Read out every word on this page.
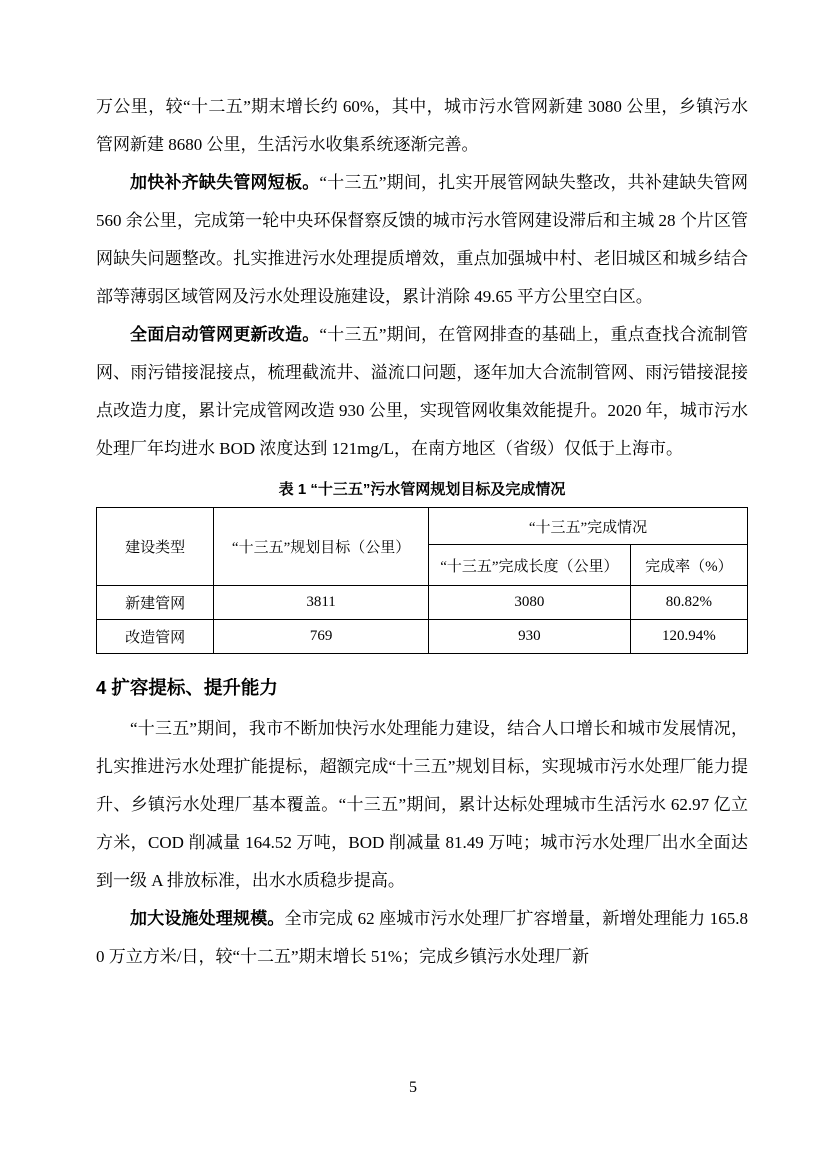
万公里，较“十二五”期末增长约 60%，其中，城市污水管网新建 3080 公里，乡镇污水管网新建 8680 公里，生活污水收集系统逐渐完善。

加快补齐缺失管网短板。“十三五”期间，扎实开展管网缺失整改，共补建缺失管网 560 余公里，完成第一轮中央环保督察反馈的城市污水管网建设滞后和主城 28 个片区管网缺失问题整改。扎实推进污水处理提质增效，重点加强城中村、老旧城区和城乡结合部等薄弱区域管网及污水处理设施建设，累计消除 49.65 平方公里空白区。

全面启动管网更新改造。“十三五”期间，在管网排查的基础上，重点查找合流制管网、雨污错接混接点，梳理截流井、溢流口问题，逐年加大合流制管网、雨污错接混接点改造力度，累计完成管网改造 930 公里，实现管网收集效能提升。2020 年，城市污水处理厂年均进水 BOD 浓度达到 121mg/L，在南方地区（省级）仅低于上海市。

表 1 “十三五”污水管网规划目标及完成情况
建设类型	“十三五”规划目标（公里）	“十三五”完成情况	
		“十三五”完成长度（公里）	完成率（%）
新建管网	3811	3080	80.82%
改造管网	769	930	120.94%
4 扩容提标、提升能力

“十三五”期间，我市不断加快污水处理能力建设，结合人口增长和城市发展情况，扎实推进污水处理扩能提标，超额完成“十三五”规划目标，实现城市污水处理厂能力提升、乡镇污水处理厂基本覆盖。“十三五”期间，累计达标处理城市生活污水 62.97 亿立方米，COD 削减量 164.52 万吨，BOD 削减量 81.49 万吨；城市污水处理厂出水全面达到一级 A 排放标准，出水水质稳步提高。

加大设施处理规模。全市完成 62 座城市污水处理厂扩容增量，新增处理能力 165.80 万立方米/日，较“十二五”期末增长 51%；完成乡镇污水处理厂新

5
